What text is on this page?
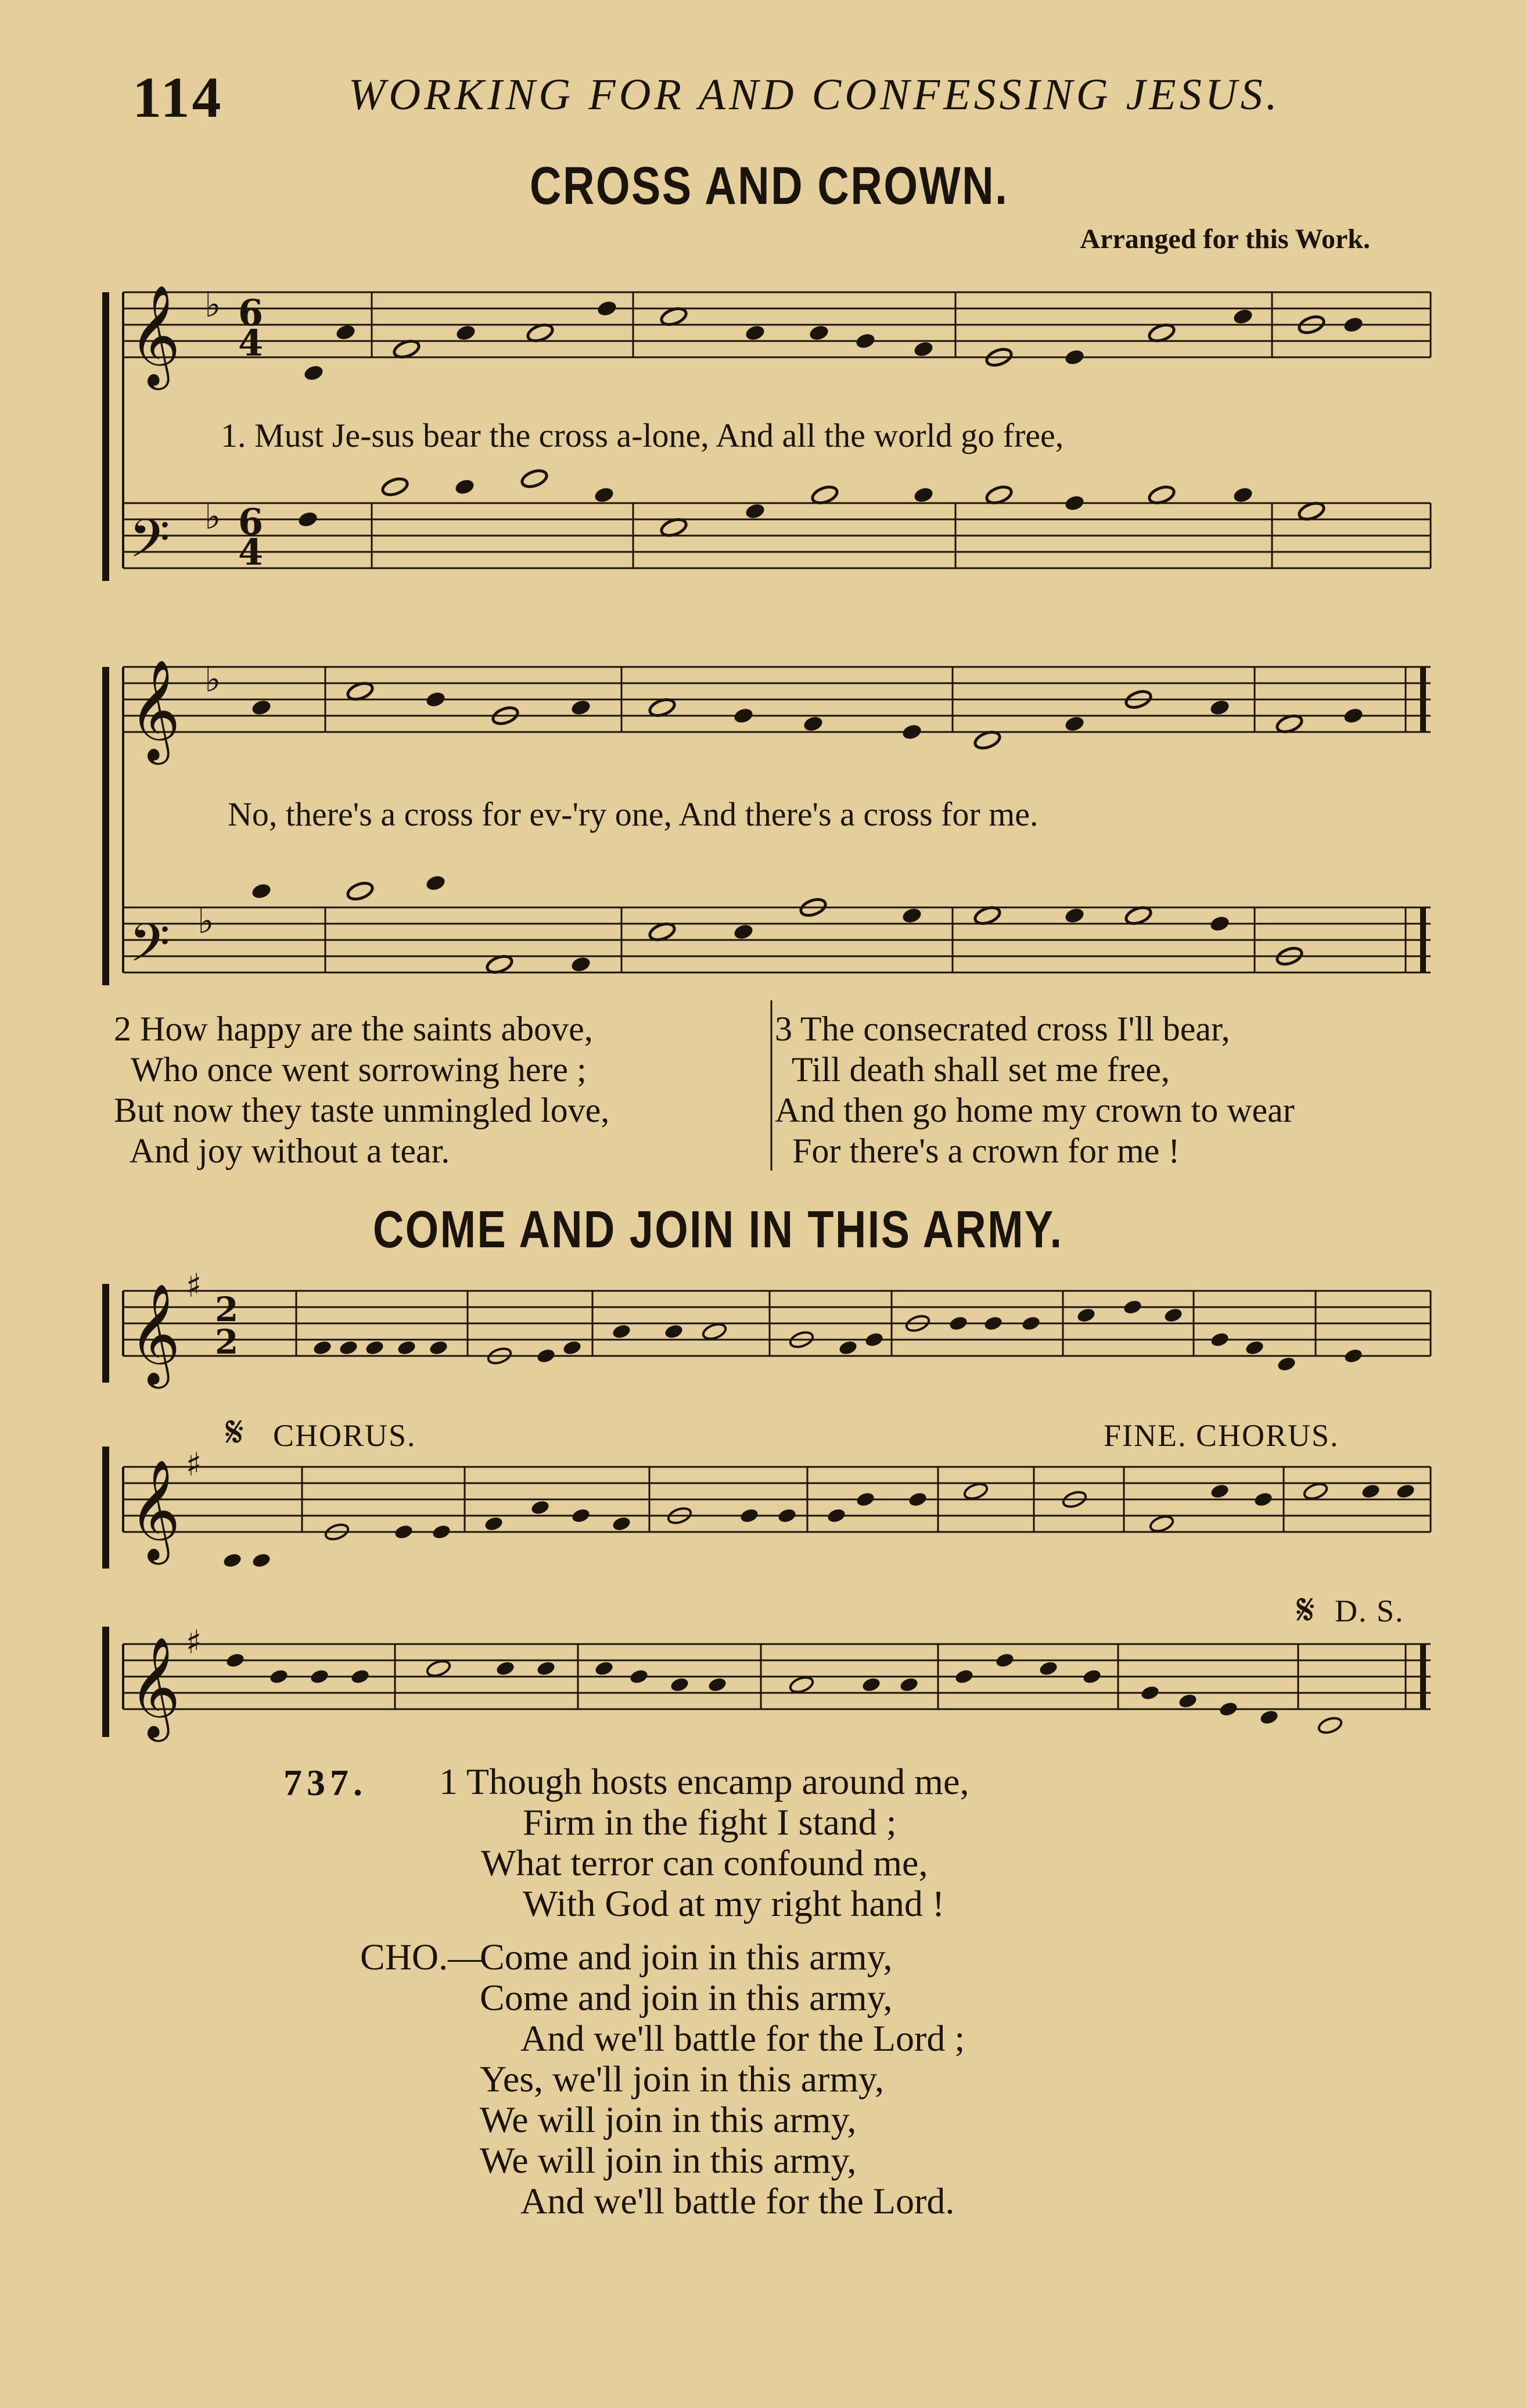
114	WORKING FOR AND CONFESSING JESUS.
CROSS AND CROWN.
Arranged for this Work.
𝄞
𝄢
♭
♭
6
4
6
4
𝄞
𝄢
♭
♭
𝄞 ♯
2
2
𝄞 ♯
𝄋
𝄞 ♯
𝄋
1. Must Je-sus bear the cross a-lone, And all the world go free,
No, there's a cross for ev-'ry one, And there's a cross for me.
2 How happy are the saints above,
Who once went sorrowing here ;
But now they taste unmingled love,
And joy without a tear.
3 The consecrated cross I'll bear,
Till death shall set me free,
And then go home my crown to wear
For there's a crown for me !
COME AND JOIN IN THIS ARMY.
CHORUS.	FINE. CHORUS.
D. S.
737. 1 Though hosts encamp around me,
Firm in the fight I stand ;
What terror can confound me,
With God at my right hand !
CHO.—
Come and join in this army,
Come and join in this army,
And we'll battle for the Lord ;
Yes, we'll join in this army,
We will join in this army,
We will join in this army,
And we'll battle for the Lord.
